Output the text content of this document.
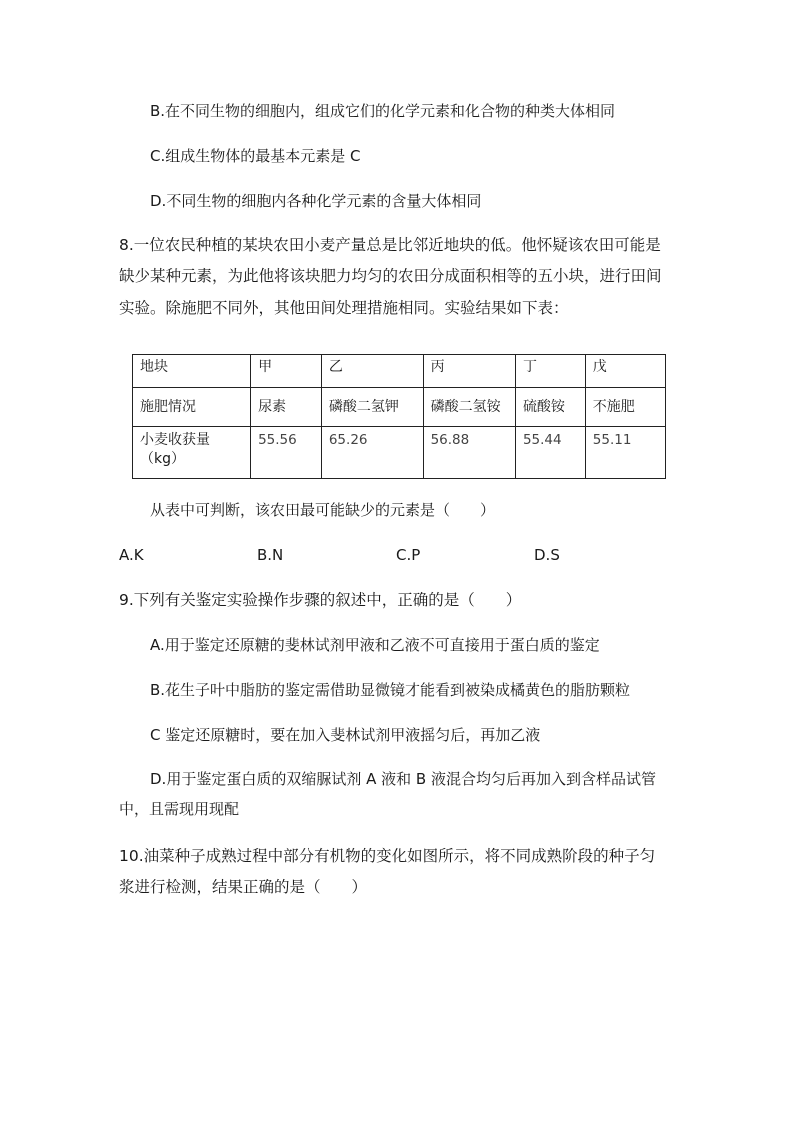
B.在不同生物的细胞内，组成它们的化学元素和化合物的种类大体相同
C.组成生物体的最基本元素是 C
D.不同生物的细胞内各种化学元素的含量大体相同
8.一位农民种植的某块农田小麦产量总是比邻近地块的低。他怀疑该农田可能是
缺少某种元素，为此他将该块肥力均匀的农田分成面积相等的五小块，进行田间
实验。除施肥不同外，其他田间处理措施相同。实验结果如下表：
地块	甲	乙	丙	丁	戊
施肥情况	尿素	磷酸二氢钾	磷酸二氢铵	硫酸铵	不施肥

小麦收获量
（kg）	55.56	65.26	56.88	55.44	55.11
从表中可判断，该农田最可能缺少的元素是（　　）
A.K	B.N	C.P	D.S
9.下列有关鉴定实验操作步骤的叙述中，正确的是（　　）
A.用于鉴定还原糖的斐林试剂甲液和乙液不可直接用于蛋白质的鉴定
B.花生子叶中脂肪的鉴定需借助显微镜才能看到被染成橘黄色的脂肪颗粒
C 鉴定还原糖时，要在加入斐林试剂甲液摇匀后，再加乙液
D.用于鉴定蛋白质的双缩脲试剂 A 液和 B 液混合均匀后再加入到含样品试管
中，且需现用现配
10.油菜种子成熟过程中部分有机物的变化如图所示，将不同成熟阶段的种子匀
浆进行检测，结果正确的是（　　）
